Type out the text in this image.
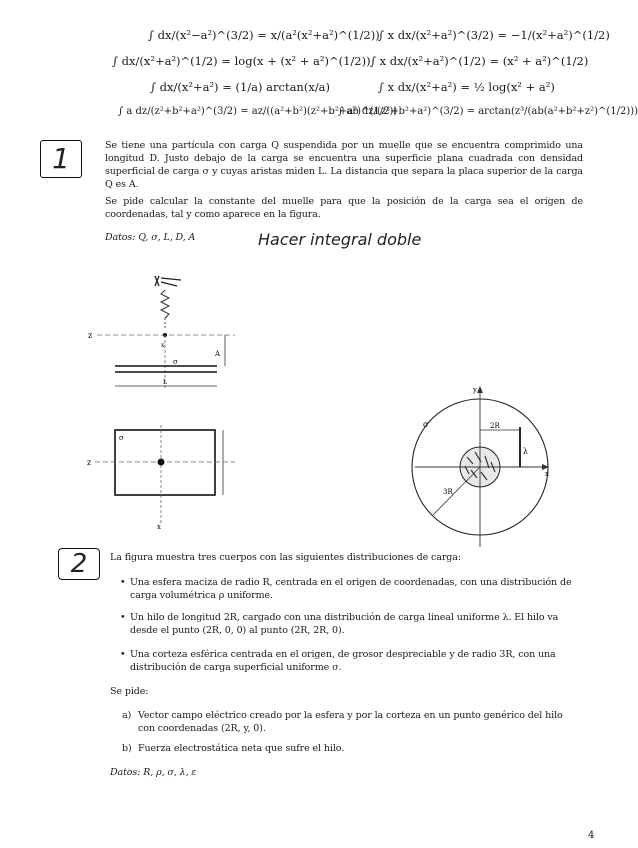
∫ dx/(x²−a²)^(3/2) = x/(a²(x²+a²)^(1/2))
∫ x dx/(x²+a²)^(3/2) = −1/(x²+a²)^(1/2)
∫ dx/(x²+a²)^(1/2) = log(x + (x² + a²)^(1/2)) ∫ x dx/(x²+a²)^(1/2) = (x² + a²)^(1/2)
∫ dx/(x²+a²) = (1/a) arctan(x/a)	∫ x dx/(x²+a²) = ½ log(x² + a²)
∫ a dz/(z²+b²+a²)^(3/2) = az/((a²+b²)(z²+b²+a²)^(1/2))
∫ ab dz/(z²+b²+a²)^(3/2) = arctan(z³/(ab(a²+b²+z²)^(1/2)))
1	Se tiene una partícula con carga Q suspendida por un muelle que se encuentra comprimido una longitud D. Justo debajo de la carga se encuentra una superficie plana cuadrada con densidad superficial de carga σ y cuyas aristas miden L. La distancia que separa la placa superior de la carga Q es A.
Se pide calcular la constante del muelle para que la posición de la carga sea el origen de coordenadas, tal y como aparece en la figura.
Datos: Q, σ, L, D, A	Hacer integral doble
z
x
σ
A
L
z
σ
x
y
x
σ
λ
2R
3R
2	La figura muestra tres cuerpos con las siguientes distribuciones de carga:
• Una esfera maciza de radio R, centrada en el origen de coordenadas, con una distribución de carga volumétrica ρ uniforme.
• Un hilo de longitud 2R, cargado con una distribución de carga lineal uniforme λ. El hilo va desde el punto (2R, 0, 0) al punto (2R, 2R, 0).
• Una corteza esférica centrada en el origen, de grosor despreciable y de radio 3R, con una distribución de carga superficial uniforme σ.
Se pide:
a) Vector campo eléctrico creado por la esfera y por la corteza en un punto genérico del hilo con coordenadas (2R, y, 0).
b) Fuerza electrostática neta que sufre el hilo.
Datos: R, ρ, σ, λ, ε
4
